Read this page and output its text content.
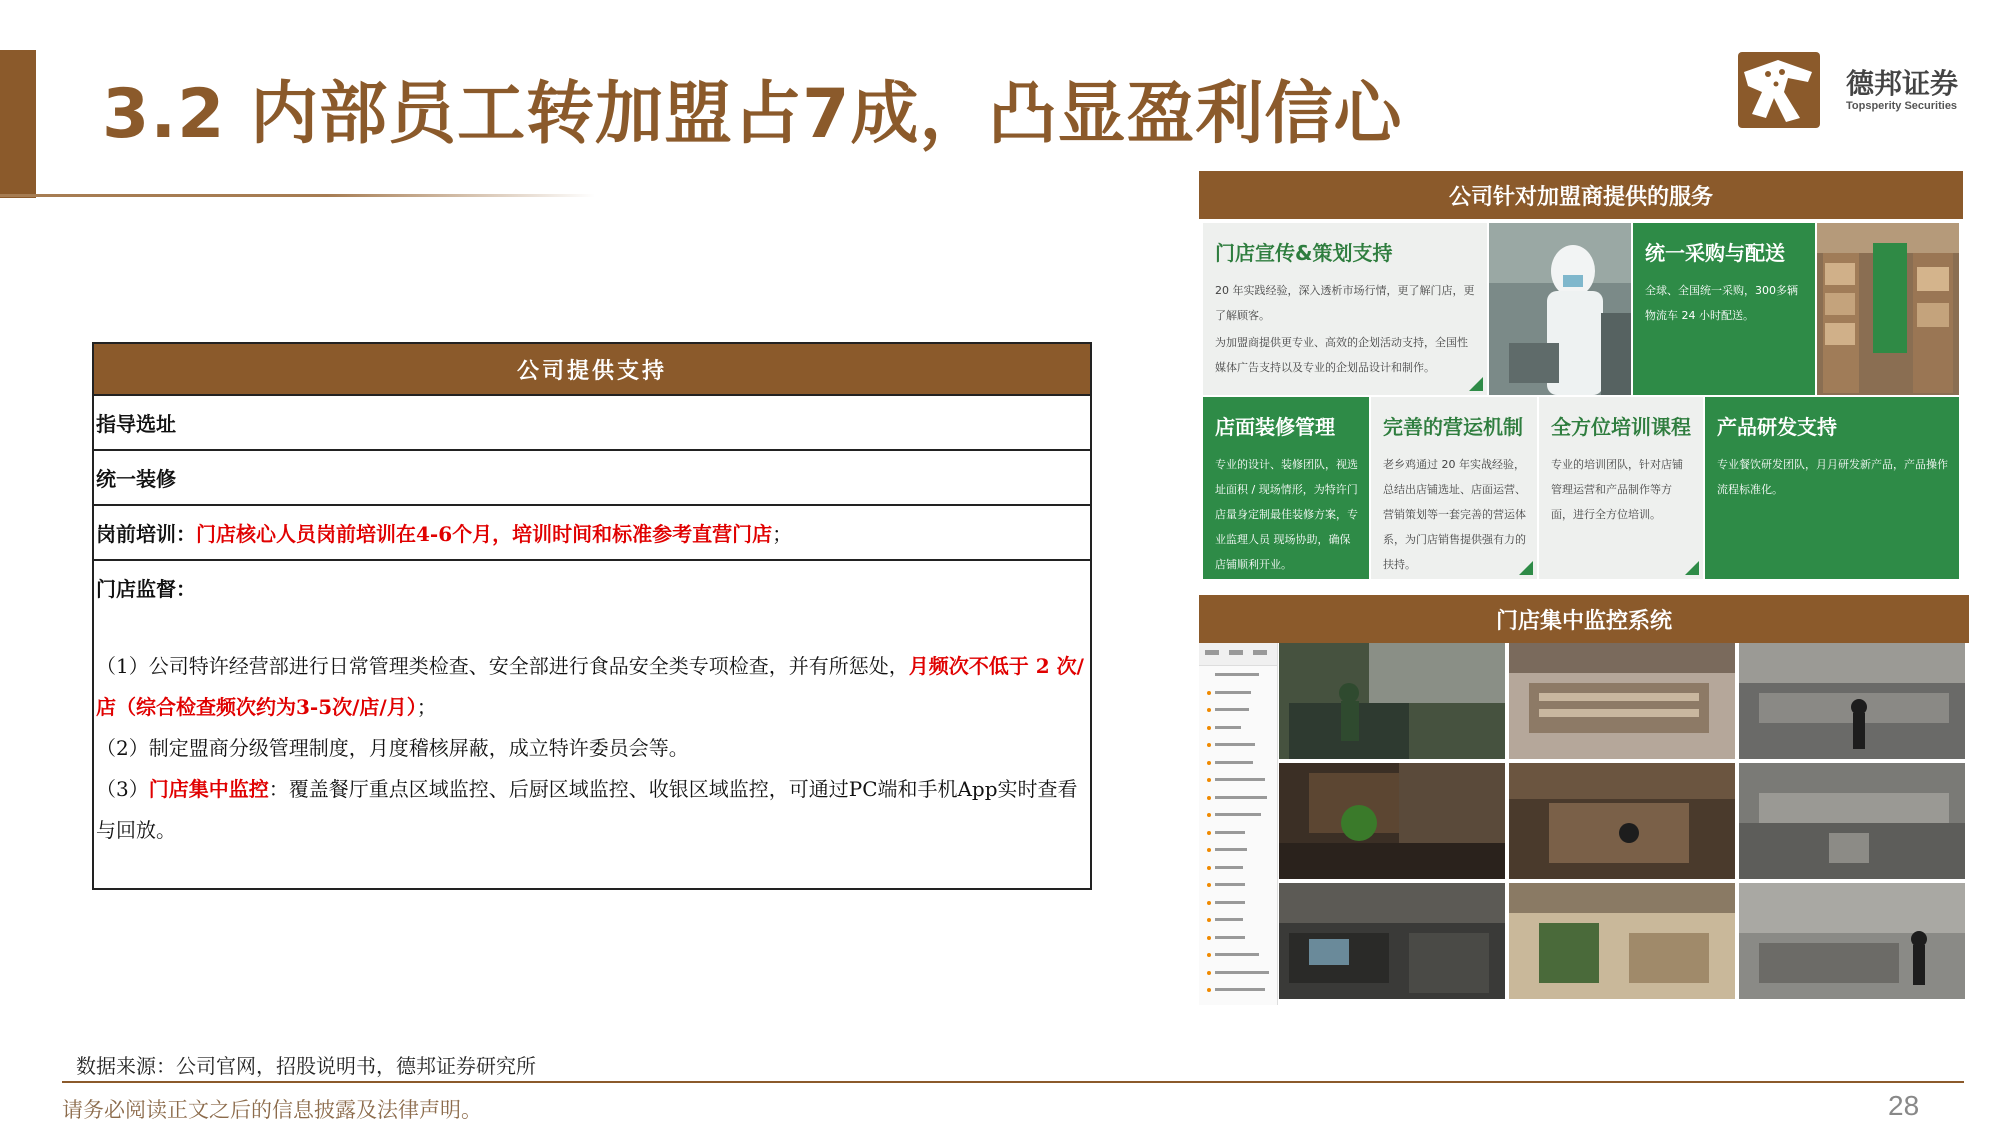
3.2 内部员工转加盟占7成，凸显盈利信心	德邦证券
Topsperity Securities
公司提供支持
指导选址
统一装修
岗前培训： 门店核心人员岗前培训在4-6个月，培训时间和标准参考直营门店 ；
门店监督：
（1）公司特许经营部进行日常管理类检查、安全部进行食品安全类专项检查，并有所惩处，月频次不低于 2 次/店（综合检查频次约为3-5次/店/月）；
（2）制定盟商分级管理制度，月度稽核屏蔽，成立特许委员会等。
（3）门店集中监控：覆盖餐厅重点区域监控、后厨区域监控、收银区域监控，可通过PC端和手机App实时查看与回放。
公司针对加盟商提供的服务
门店宣传&策划支持
20 年实践经验，深入透析市场行情，更了解门店，更了解顾客。
为加盟商提供更专业、高效的企划活动支持，全国性媒体广告支持以及专业的企划品设计和制作。
统一采购与配送
全球、全国统一采购，300多辆物流车 24 小时配送。
店面装修管理
专业的设计、装修团队，视选址面积 / 现场情形，为特许门店量身定制最佳装修方案，专业监理人员 现场协助，确保店铺顺利开业。
完善的营运机制
老乡鸡通过 20 年实战经验，总结出店铺选址、店面运营、营销策划等一套完善的营运体系，为门店销售提供强有力的扶持。
全方位培训课程
专业的培训团队，针对店铺管理运营和产品制作等方面，进行全方位培训。
产品研发支持
专业餐饮研发团队，月月研发新产品，产品操作流程标准化。
门店集中监控系统
数据来源：公司官网，招股说明书，德邦证券研究所
请务必阅读正文之后的信息披露及法律声明。	28
